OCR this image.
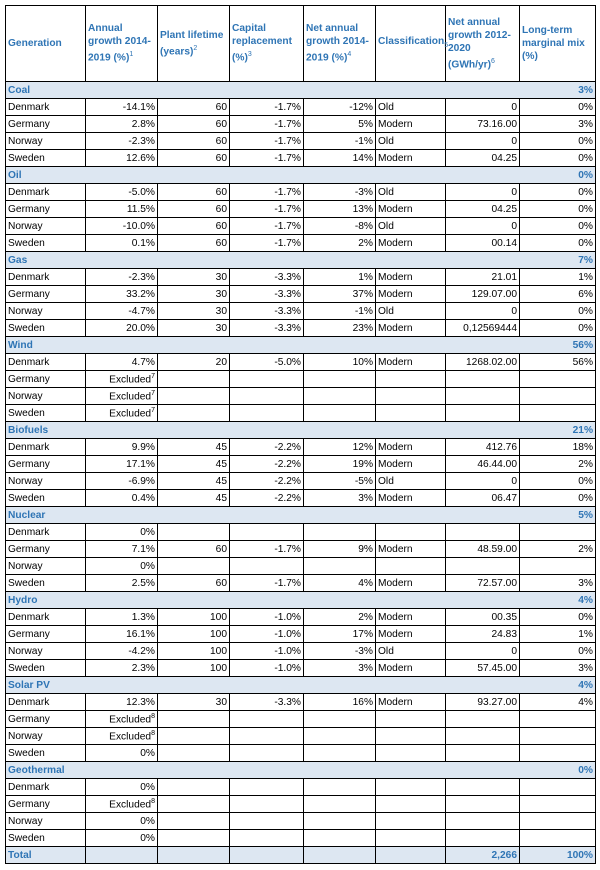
Generation	Annual growth 2014-2019 (%)$^1$	Plant lifetime (years)$^2$	Capital replacement (%)$^3$	Net annual growth 2014-2019 (%)$^4$	Classification$_5$	Net annual growth 2012-2020 $(GWh/yr)^6$	Long-term marginal mix (%)
Coal							3%
Denmark	-14.1%	60	-1.7%	-12%	Old	0	0%
Germany	2.8%	60	-1.7%	5%	Modern	73.16.00	3%
Norway	-2.3%	60	-1.7%	-1%	Old	0	0%
Sweden	12.6%	60	-1.7%	14%	Modern	04.25	0%
Oil							0%
Denmark	-5.0%	60	-1.7%	-3%	Old	0	0%
Germany	11.5%	60	-1.7%	13%	Modern	04.25	0%
Norway	-10.0%	60	-1.7%	-8%	Old	0	0%
Sweden	0.1%	60	-1.7%	2%	Modern	00.14	0%
Gas							7%
Denmark	-2.3%	30	-3.3%	1%	Modern	21.01	1%
Germany	33.2%	30	-3.3%	37%	Modern	129.07.00	6%
Norway	-4.7%	30	-3.3%	-1%	Old	0	0%
Sweden	20.0%	30	-3.3%	23%	Modern	0,12569444	0%
Wind							56%
Denmark	4.7%	20	-5.0%	10%	Modern	1268.02.00	56%
Germany	Excluded$^7$						
Norway	Excluded$^7$						
Sweden	Excluded$^7$						
Biofuels							21%
Denmark	9.9%	45	-2.2%	12%	Modern	412.76	18%
Germany	17.1%	45	-2.2%	19%	Modern	46.44.00	2%
Norway	-6.9%	45	-2.2%	-5%	Old	0	0%
Sweden	0.4%	45	-2.2%	3%	Modern	06.47	0%
Nuclear							5%
Denmark	0%						
Germany	7.1%	60	-1.7%	9%	Modern	48.59.00	2%
Norway	0%						
Sweden	2.5%	60	-1.7%	4%	Modern	72.57.00	3%
Hydro							4%
Denmark	1.3%	100	-1.0%	2%	Modern	00.35	0%
Germany	16.1%	100	-1.0%	17%	Modern	24.83	1%
Norway	-4.2%	100	-1.0%	-3%	Old	0	0%
Sweden	2.3%	100	-1.0%	3%	Modern	57.45.00	3%
Solar PV							4%
Denmark	12.3%	30	-3.3%	16%	Modern	93.27.00	4%
Germany	Excluded$^8$						
Norway	Excluded$^8$						
Sweden	0%						
Geothermal							0%
Denmark	0%						
Germany	Excluded$^8$						
Norway	0%						
Sweden	0%						
Total						2,266	100%
